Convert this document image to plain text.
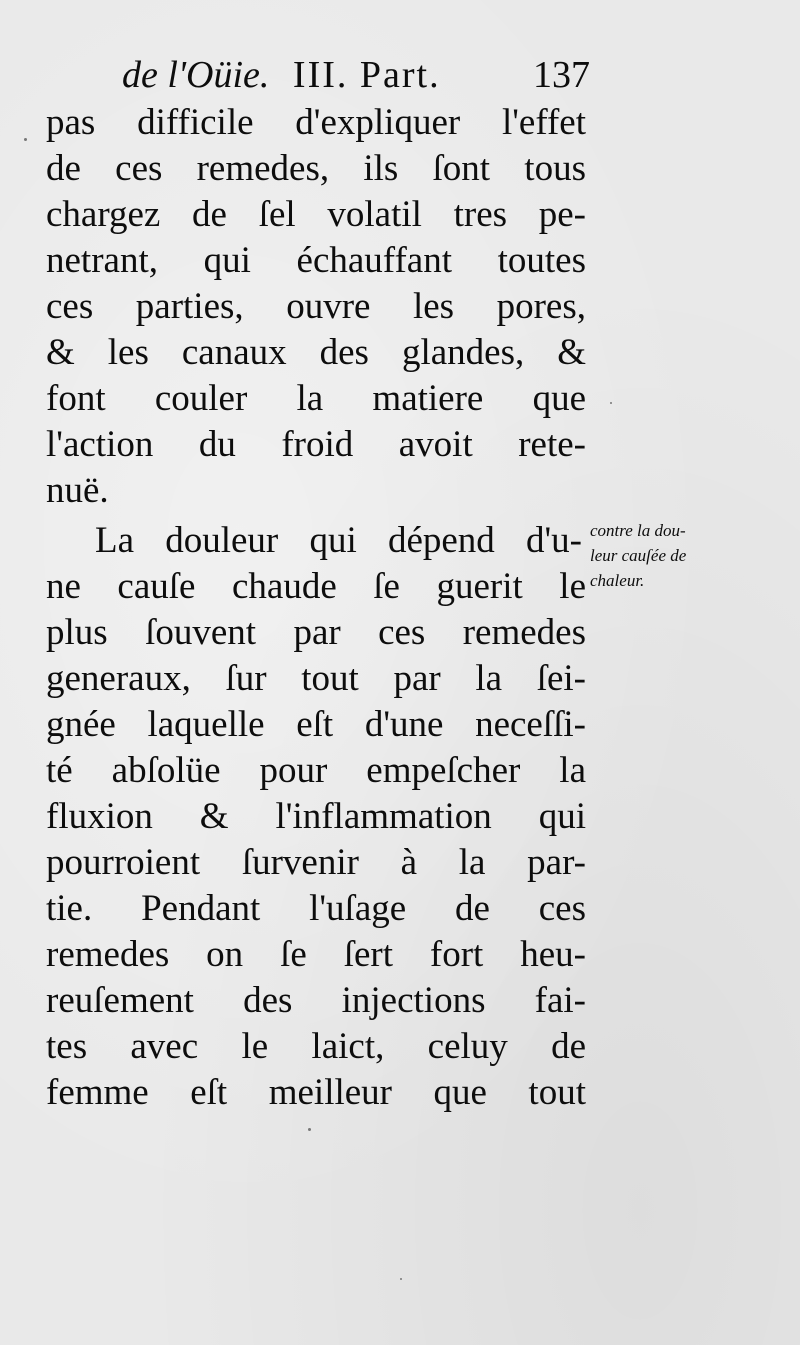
de l'Oüie. III. Part. 137
pas difficile d'expliquer l'effet
de ces remedes, ils ſont tous
chargez de ſel volatil tres pe-
netrant, qui échauffant toutes
ces parties, ouvre les pores,
& les canaux des glandes, &
font couler la matiere que
l'action du froid avoit rete-
nuë.
La douleur qui dépend d'u-
ne cauſe chaude ſe guerit le
plus ſouvent par ces remedes
generaux, ſur tout par la ſei-
gnée laquelle eſt d'une neceſſi-
té abſolüe pour empeſcher la
fluxion & l'inflammation qui
pourroient ſurvenir à la par-
tie. Pendant l'uſage de ces
remedes on ſe ſert fort heu-
reuſement des injections fai-
tes avec le laict, celuy de
femme eſt meilleur que tout
contre la dou-
leur cauſée de
chaleur.
